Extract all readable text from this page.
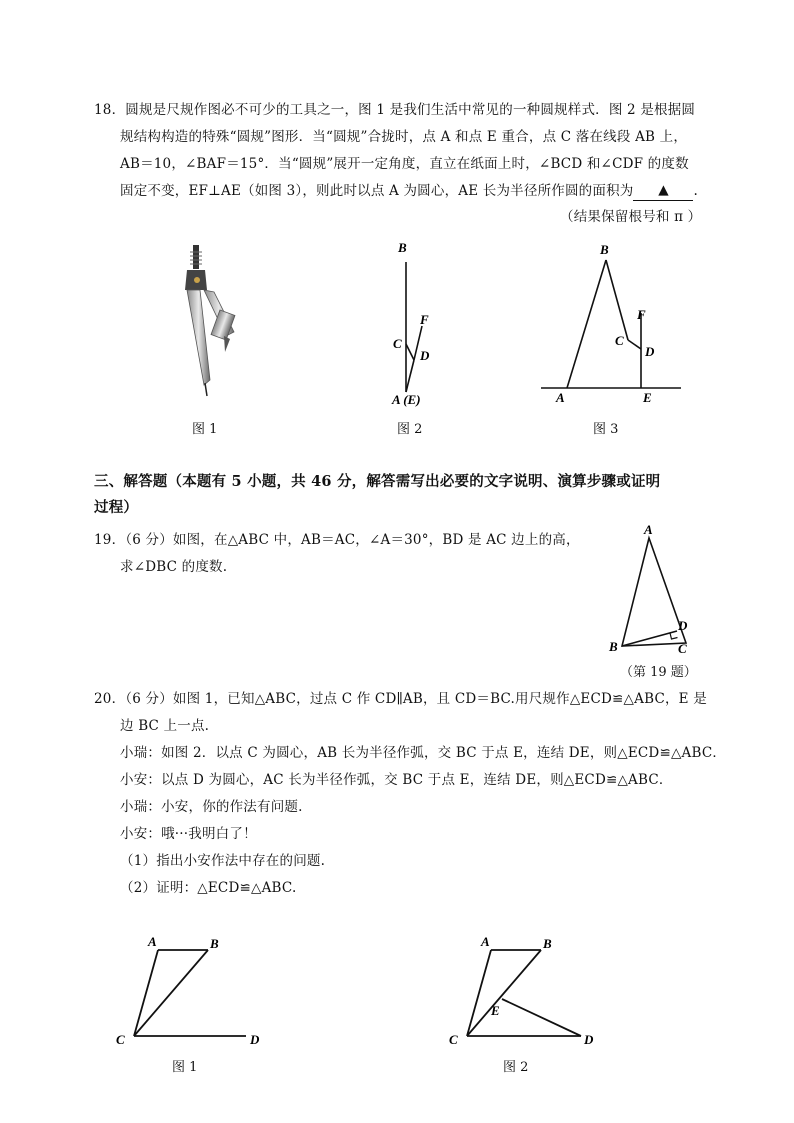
18．圆规是尺规作图必不可少的工具之一，图 1 是我们生活中常见的一种圆规样式．图 2 是根据圆
规结构构造的特殊“圆规”图形．当“圆规”合拢时，点 A 和点 E 重合，点 C 落在线段 AB 上，
AB＝10，∠BAF＝15°．当“圆规”展开一定角度，直立在纸面上时，∠BCD 和∠CDF 的度数
固定不变，EF⊥AE（如图 3），则此时以点 A 为圆心，AE 长为半径所作圆的面积为 ▲ .
（结果保留根号和 π ）
图 1
B
F
C
D
A (E)
图 2
B
F
C
D
A	E
图 3
三、解答题（本题有 5 小题，共 46 分，解答需写出必要的文字说明、演算步骤或证明
过程）
19．（6 分）如图，在△ABC 中，AB＝AC，∠A＝30°，BD 是 AC 边上的高，
求∠DBC 的度数.
A
D
B	C
（第 19 题）
20．（6 分）如图 1，已知△ABC，过点 C 作 CD∥AB，且 CD＝BC.用尺规作△ECD≌△ABC，E 是
边 BC 上一点.
小瑞：如图 2．以点 C 为圆心，AB 长为半径作弧，交 BC 于点 E，连结 DE，则△ECD≌△ABC．
小安：以点 D 为圆心，AC 长为半径作弧，交 BC 于点 E，连结 DE，则△ECD≌△ABC．
小瑞：小安，你的作法有问题.
小安：哦···我明白了！
（1）指出小安作法中存在的问题.
（2）证明：△ECD≌△ABC.
A	B
C	D
图 1
A	B
E
C	D
图 2
